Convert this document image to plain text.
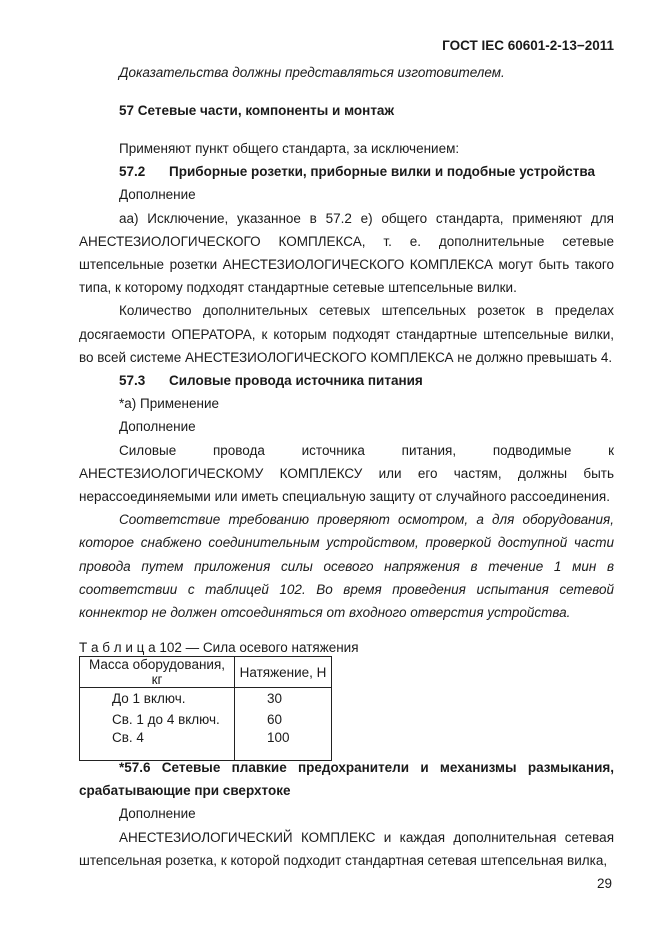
ГОСТ IEC 60601-2-13−2011

Доказательства должны представляться изготовителем.

57 Сетевые части, компоненты и монтаж

Применяют пункт общего стандарта, за исключением:

57.2 Приборные розетки, приборные вилки и подобные устройства

Дополнение

аа) Исключение, указанное в 57.2 e) общего стандарта, применяют для АНЕСТЕЗИОЛОГИЧЕСКОГО КОМПЛЕКСА, т. е. дополнительные сетевые штепсельные розетки АНЕСТЕЗИОЛОГИЧЕСКОГО КОМПЛЕКСА могут быть такого типа, к которому подходят стандартные сетевые штепсельные вилки.

Количество дополнительных сетевых штепсельных розеток в пределах досягаемости ОПЕРАТОРА, к которым подходят стандартные штепсельные вилки, во всей системе АНЕСТЕЗИОЛОГИЧЕСКОГО КОМПЛЕКСА не должно превышать 4.

57.3 Силовые провода источника питания

*а) Применение

Дополнение

Силовые провода источника питания, подводимые к АНЕСТЕЗИОЛОГИЧЕСКОМУ КОМПЛЕКСУ или его частям, должны быть нерассоединяемыми или иметь специальную защиту от случайного рассоединения.

Соответствие требованию проверяют осмотром, а для оборудования, которое снабжено соединительным устройством, проверкой доступной части провода путем приложения силы осевого напряжения в течение 1 мин в соответствии с таблицей 102. Во время проведения испытания сетевой коннектор не должен отсоединяться от входного отверстия устройства.

Т а б л и ц а 102 — Сила осевого натяжения
Масса оборудования, кг	Натяжение, Н
До 1 включ.	30
Св. 1 до 4 включ.	60
Св. 4	100

*57.6 Сетевые плавкие предохранители и механизмы размыкания, срабатывающие при сверхтоке

Дополнение

АНЕСТЕЗИОЛОГИЧЕСКИЙ КОМПЛЕКС и каждая дополнительная сетевая штепсельная розетка, к которой подходит стандартная сетевая штепсельная вилка,

29
